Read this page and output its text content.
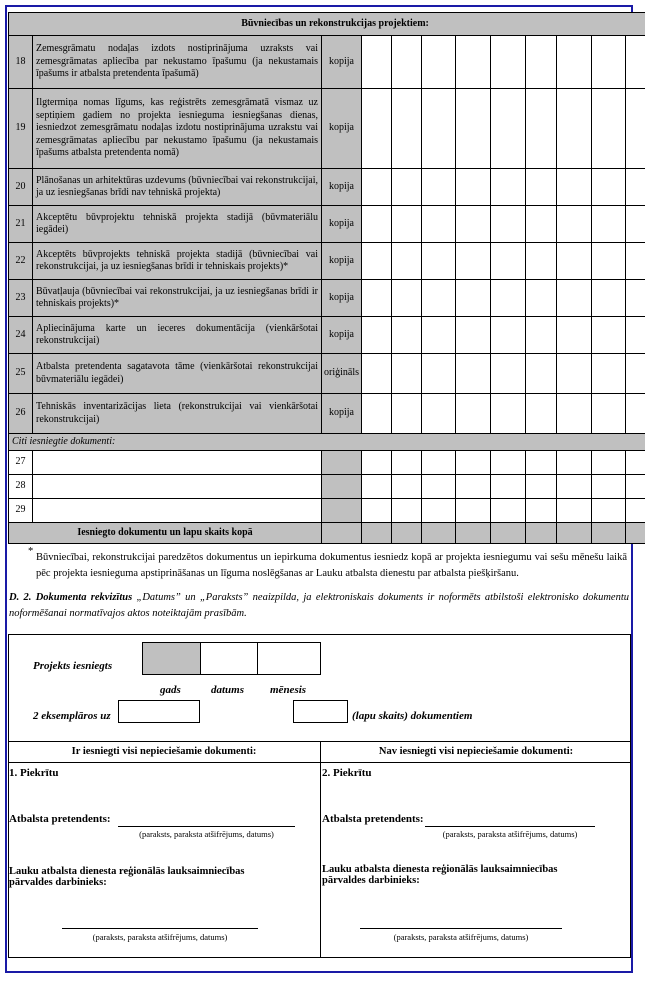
Būvniecības un rekonstrukcijas projektiem:											
18	Zemesgrāmatu nodaļas izdots nostiprinājuma uzraksts vai zemesgrāmatas apliecība par nekustamo īpašumu (ja nekustamais īpašums ir atbalsta pretendenta īpašumā)	kopija									
19	Ilgtermiņa nomas līgums, kas reģistrēts zemesgrāmatā vismaz uz septiņiem gadiem no projekta iesnieguma iesniegšanas dienas, iesniedzot zemesgrāmatu nodaļas izdotu nostiprinājuma uzrakstu vai zemesgrāmatas apliecību par nekustamo īpašumu (ja nekustamais īpašums atbalsta pretendenta nomā)	kopija									
20	Plānošanas un arhitektūras uzdevums (būvniecībai vai rekonstrukcijai, ja uz iesniegšanas brīdi nav tehniskā projekta)	kopija									
21	Akceptētu būvprojektu tehniskā projekta stadijā (būvmateriālu iegādei)	kopija									
22	Akceptēts būvprojekts tehniskā projekta stadijā (būvniecībai vai rekonstrukcijai, ja uz iesniegšanas brīdi ir tehniskais projekts)*	kopija									
23	Būvatļauja (būvniecībai vai rekonstrukcijai, ja uz iesniegšanas brīdi ir tehniskais projekts)*	kopija									
24	Apliecinājuma karte un ieceres dokumentācija (vienkāršotai rekonstrukcijai)	kopija									
25	Atbalsta pretendenta sagatavota tāme (vienkāršotai rekonstrukcijai būvmateriālu iegādei)	oriģināls									
26	Tehniskās inventarizācijas lieta (rekonstrukcijai vai vienkāršotai rekonstrukcijai)	kopija									
Citi iesniegtie dokumenti:											
27											
28											
29											
Iesniegto dokumentu un lapu skaits kopā											
*
Būvniecībai, rekonstrukcijai paredzētos dokumentus un iepirkuma dokumentus iesniedz kopā ar projekta iesniegumu vai sešu mēnešu laikā pēc projekta iesnieguma apstiprināšanas un līguma noslēgšanas ar Lauku atbalsta dienestu par atbalsta piešķiršanu.
D. 2. Dokumenta rekvizītus „Datums” un „Paraksts” neaizpilda, ja elektroniskais dokuments ir noformēts atbilstoši elektronisko dokumentu noformēšanai normatīvajos aktos noteiktajām prasībām.
Projekts iesniegts
gads	datums mēnesis
2 eksemplāros uz	(lapu skaits) dokumentiem
Ir iesniegti visi nepieciešamie dokumenti:	Nav iesniegti visi nepieciešamie dokumenti:
1. Piekrītu	2. Piekrītu
Atbalsta pretendents:
(paraksts, paraksta atšifrējums, datums)
Atbalsta pretendents:
(paraksts, paraksta atšifrējums, datums)
Lauku atbalsta dienesta reģionālās lauksaimniecības pārvaldes darbinieks:
(paraksts, paraksta atšifrējums, datums)
Lauku atbalsta dienesta reģionālās lauksaimniecības pārvaldes darbinieks:
(paraksts, paraksta atšifrējums, datums)
